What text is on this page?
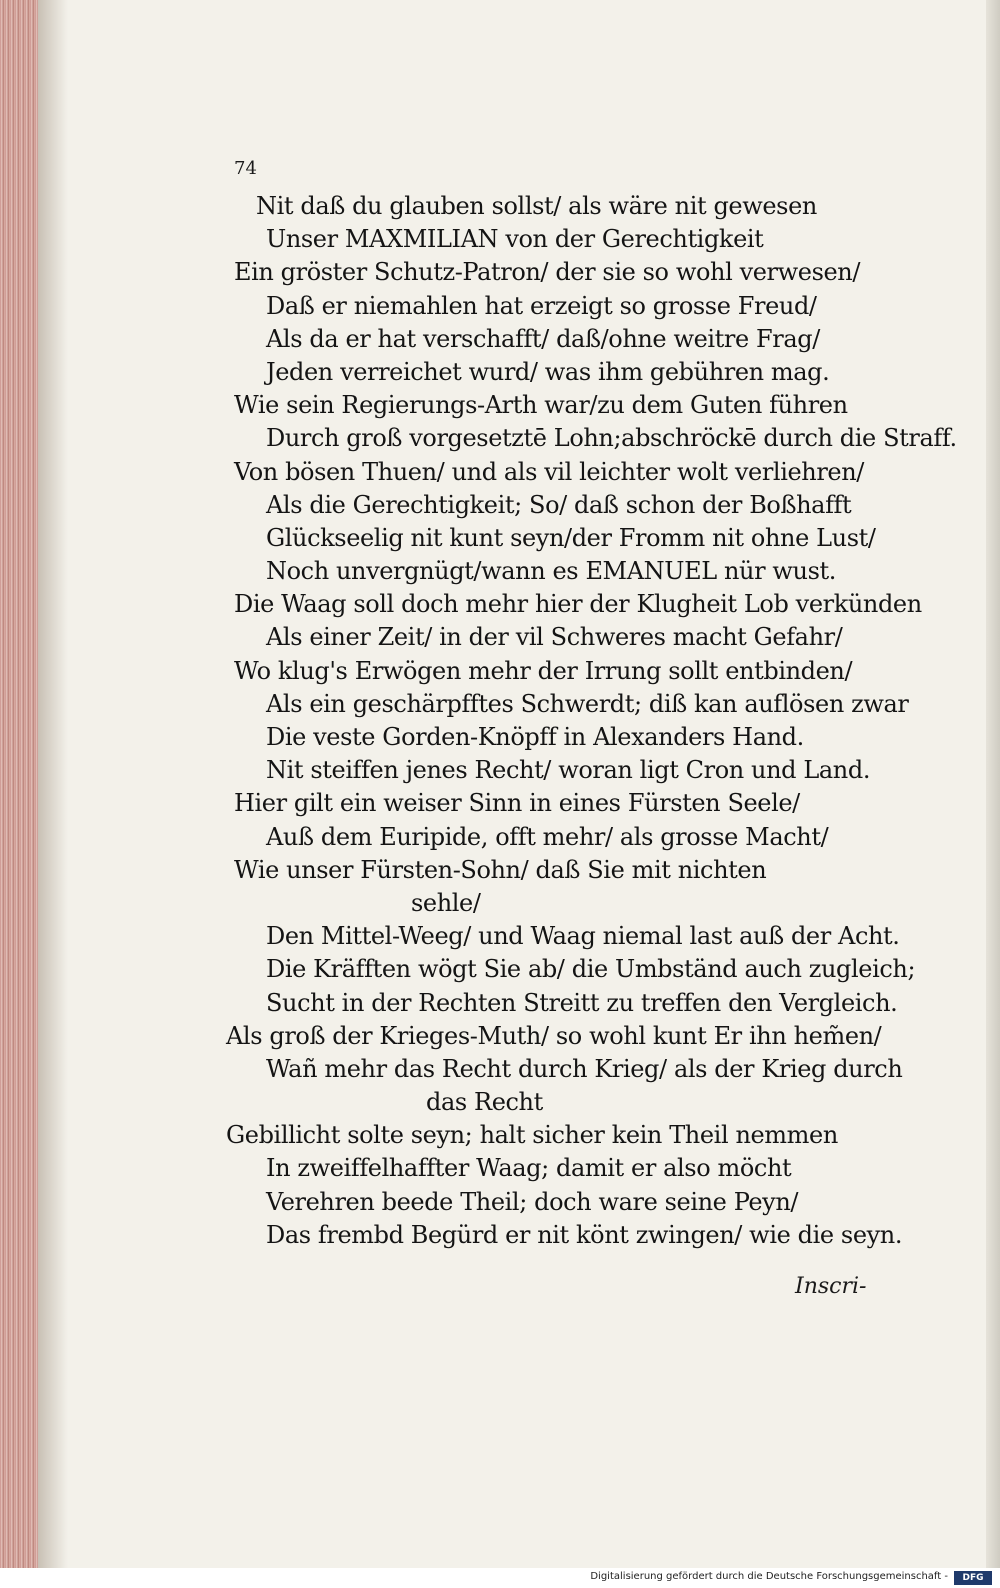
74
Nit daß du glauben sollst/ als wäre nit gewesen
Unser MAXMILIAN von der Gerechtigkeit
Ein gröster Schutz-Patron/ der sie so wohl verwesen/
Daß er niemahlen hat erzeigt so grosse Freud/
Als da er hat verschafft/ daß/ohne weitre Frag/
Jeden verreichet wurd/ was ihm gebühren mag.
Wie sein Regierungs-Arth war/zu dem Guten führen
Durch groß vorgesetztē Lohn;abschröckē durch die Straff.
Von bösen Thuen/ und als vil leichter wolt verliehren/
Als die Gerechtigkeit; So/ daß schon der Boßhafft
Glückseelig nit kunt seyn/der Fromm nit ohne Lust/
Noch unvergnügt/wann es EMANUEL nür wust.
Die Waag soll doch mehr hier der Klugheit Lob verkünden
Als einer Zeit/ in der vil Schweres macht Gefahr/
Wo klug's Erwögen mehr der Irrung sollt entbinden/
Als ein geschärpfftes Schwerdt; diß kan auflösen zwar
Die veste Gorden-Knöpff in Alexanders Hand.
Nit steiffen jenes Recht/ woran ligt Cron und Land.
Hier gilt ein weiser Sinn in eines Fürsten Seele/
Auß dem Euripide, offt mehr/ als grosse Macht/
Wie unser Fürsten-Sohn/ daß Sie mit nichten
sehle/
Den Mittel-Weeg/ und Waag niemal last auß der Acht.
Die Kräfften wögt Sie ab/ die Umbständ auch zugleich;
Sucht in der Rechten Streitt zu treffen den Vergleich.
Als groß der Krieges-Muth/ so wohl kunt Er ihn hem̃en/
Wañ mehr das Recht durch Krieg/ als der Krieg durch
das Recht
Gebillicht solte seyn; halt sicher kein Theil nemmen
In zweiffelhaffter Waag; damit er also möcht
Verehren beede Theil; doch ware seine Peyn/
Das frembd Begürd er nit könt zwingen/ wie die seyn.
Inscri-
Digitalisierung gefördert durch die Deutsche Forschungsgemeinschaft -	DFG
